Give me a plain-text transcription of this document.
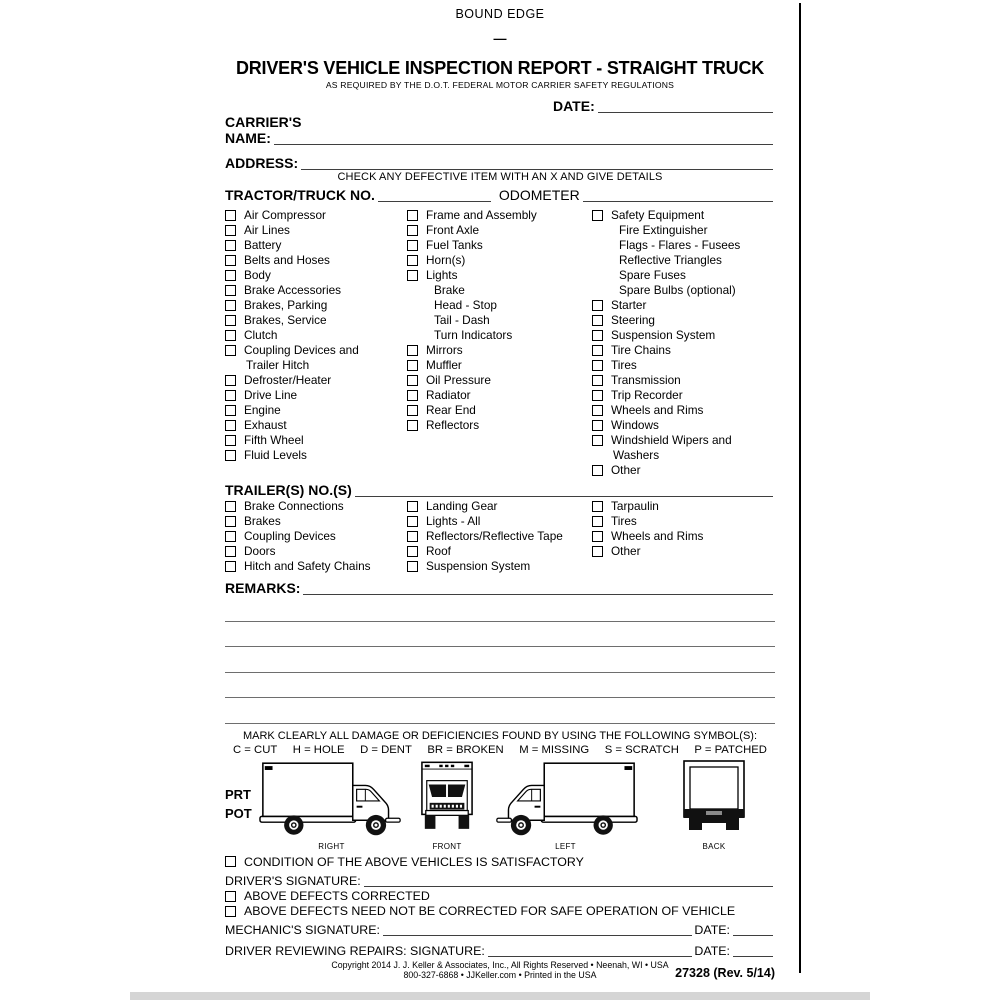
BOUND EDGE
—
DRIVER'S VEHICLE INSPECTION REPORT - STRAIGHT TRUCK
AS REQUIRED BY THE D.O.T. FEDERAL MOTOR CARRIER SAFETY REGULATIONS
DATE:
CARRIER'S
NAME:
ADDRESS:
CHECK ANY DEFECTIVE ITEM WITH AN X AND GIVE DETAILS
TRACTOR/TRUCK NO.	ODOMETER
Air Compressor
Air Lines
Battery
Belts and Hoses
Body
Brake Accessories
Brakes, Parking
Brakes, Service
Clutch
Coupling Devices and
Trailer Hitch
Defroster/Heater
Drive Line
Engine
Exhaust
Fifth Wheel
Fluid Levels
Frame and Assembly
Front Axle
Fuel Tanks
Horn(s)
Lights
Brake
Head - Stop
Tail - Dash
Turn Indicators
Mirrors
Muffler
Oil Pressure
Radiator
Rear End
Reflectors
Safety Equipment
Fire Extinguisher
Flags - Flares - Fusees
Reflective Triangles
Spare Fuses
Spare Bulbs (optional)
Starter
Steering
Suspension System
Tire Chains
Tires
Transmission
Trip Recorder
Wheels and Rims
Windows
Windshield Wipers and
Washers
Other
TRAILER(S) NO.(S)
Brake Connections
Brakes
Coupling Devices
Doors
Hitch and Safety Chains
Landing Gear
Lights - All
Reflectors/Reflective Tape
Roof
Suspension System
Tarpaulin
Tires
Wheels and Rims
Other
REMARKS:
MARK CLEARLY ALL DAMAGE OR DEFICIENCIES FOUND BY USING THE FOLLOWING SYMBOL(S):
C = CUT H = HOLE D = DENT BR = BROKEN M = MISSING S = SCRATCH P = PATCHED
PRT
POT
RIGHT	FRONT	LEFT	BACK
CONDITION OF THE ABOVE VEHICLES IS SATISFACTORY
DRIVER'S SIGNATURE:
ABOVE DEFECTS CORRECTED
ABOVE DEFECTS NEED NOT BE CORRECTED FOR SAFE OPERATION OF VEHICLE
MECHANIC'S SIGNATURE:	DATE:
DRIVER REVIEWING REPAIRS: SIGNATURE:	DATE:
Copyright 2014 J. J. Keller & Associates, Inc., All Rights Reserved • Neenah, WI • USA
800-327-6868 • JJKeller.com • Printed in the USA	27328 (Rev. 5/14)
